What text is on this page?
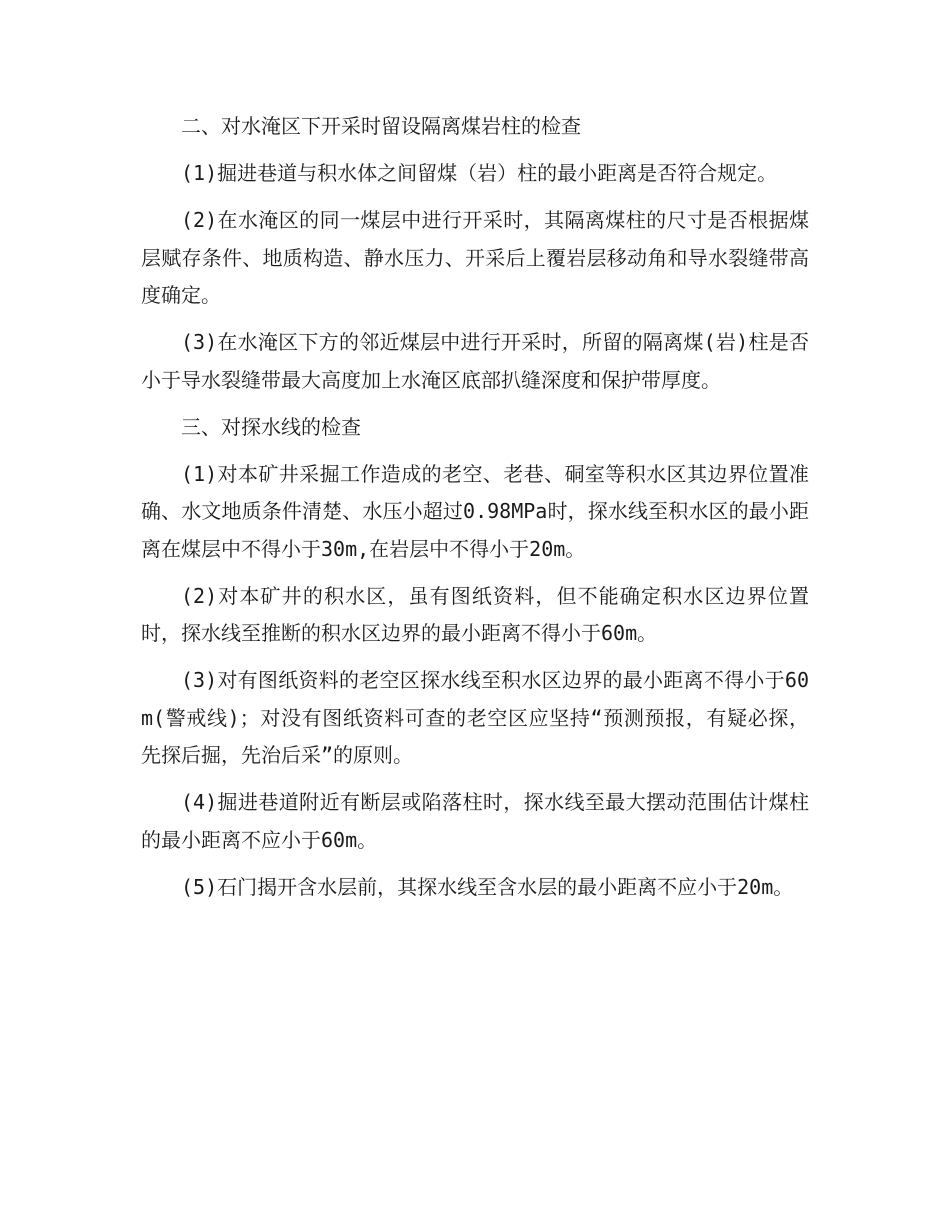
二、对水淹区下开采时留设隔离煤岩柱的检查

(1)掘进巷道与积水体之间留煤（岩）柱的最小距离是否符合规定。

(2)在水淹区的同一煤层中进行开采时，其隔离煤柱的尺寸是否根据煤层赋存条件、地质构造、静水压力、开采后上覆岩层移动角和导水裂缝带高度确定。

(3)在水淹区下方的邻近煤层中进行开采时，所留的隔离煤(岩)柱是否小于导水裂缝带最大高度加上水淹区底部扒缝深度和保护带厚度。

三、对探水线的检查

(1)对本矿井采掘工作造成的老空、老巷、硐室等积水区其边界位置准确、水文地质条件清楚、水压小超过0.98MPa时，探水线至积水区的最小距离在煤层中不得小于30m,在岩层中不得小于20m。

(2)对本矿井的积水区，虽有图纸资料，但不能确定积水区边界位置时，探水线至推断的积水区边界的最小距离不得小于60m。

(3)对有图纸资料的老空区探水线至积水区边界的最小距离不得小于60m(警戒线)；对没有图纸资料可查的老空区应坚持“预测预报，有疑必探，先探后掘，先治后采”的原则。

(4)掘进巷道附近有断层或陷落柱时，探水线至最大摆动范围估计煤柱的最小距离不应小于60m。

(5)石门揭开含水层前，其探水线至含水层的最小距离不应小于20m。
